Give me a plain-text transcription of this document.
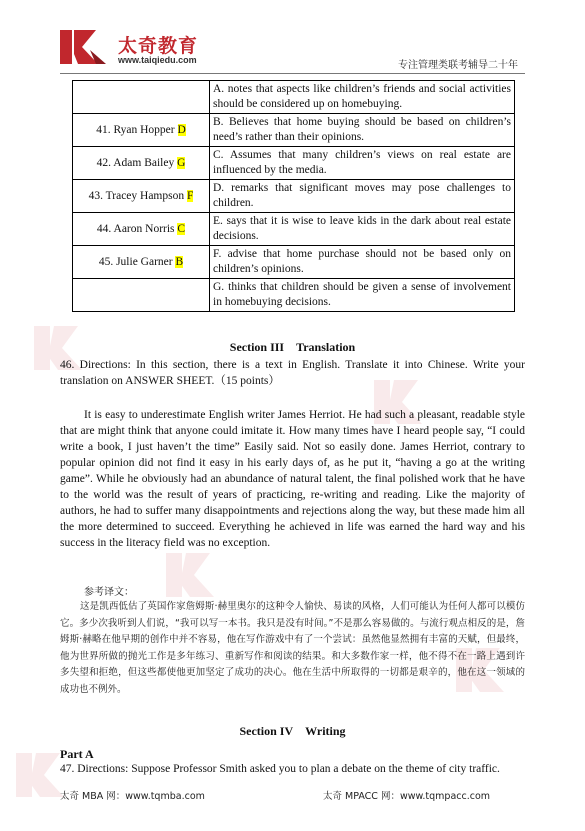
太奇教育
www.taiqiedu.com	专注管理类联考辅导二十年
	A. notes that aspects like children’s friends and social activities should be considered up on homebuying.
41. Ryan Hopper D	B. Believes that home buying should be based on children’s need’s rather than their opinions.
42. Adam Bailey G	C. Assumes that many children’s views on real estate are influenced by the media.
43. Tracey Hampson F	D. remarks that significant moves may pose challenges to children.
44. Aaron Norris C	E. says that it is wise to leave kids in the dark about real estate decisions.
45. Julie Garner B	F. advise that home purchase should not be based only on children’s opinions.
	G. thinks that children should be given a sense of involvement in homebuying decisions.
Section III Translation

46. Directions: In this section, there is a text in English. Translate it into Chinese. Write your translation on ANSWER SHEET.（15 points）

It is easy to underestimate English writer James Herriot. He had such a pleasant, readable style that are might think that anyone could imitate it. How many times have I heard people say, “I could write a book, I just haven’t the time” Easily said. Not so easily done. James Herriot, contrary to popular opinion did not find it easy in his early days of, as he put it, “having a go at the writing game”. While he obviously had an abundance of natural talent, the final polished work that he have to the world was the result of years of practicing, re-writing and reading. Like the majority of authors, he had to suffer many disappointments and rejections along the way, but these made him all the more determined to succeed. Everything he achieved in life was earned the hard way and his success in the literacy field was no exception.

参考译文：

这是凯西低估了英国作家詹姆斯·赫里奥尔的这种令人愉快、易读的风格，人们可能认为任何人都可以模仿它。多少次我听到人们说，“我可以写一本书。我只是没有时间。”不是那么容易做的。与流行观点相反的是，詹姆斯·赫略在他早期的创作中并不容易，他在写作游戏中有了一个尝试：虽然他显然拥有丰富的天赋，但最终，他为世界所做的抛光工作是多年练习、重新写作和阅读的结果。和大多数作家一样，他不得不在一路上遇到许多失望和拒绝，但这些都使他更加坚定了成功的决心。他在生活中所取得的一切都是艰辛的，他在这一领域的成功也不例外。

Section IV Writing
Part A

47. Directions: Suppose Professor Smith asked you to plan a debate on the theme of city traffic.

太奇 MBA 网：www.tqmba.com	太奇 MPACC 网：www.tqmpacc.com
